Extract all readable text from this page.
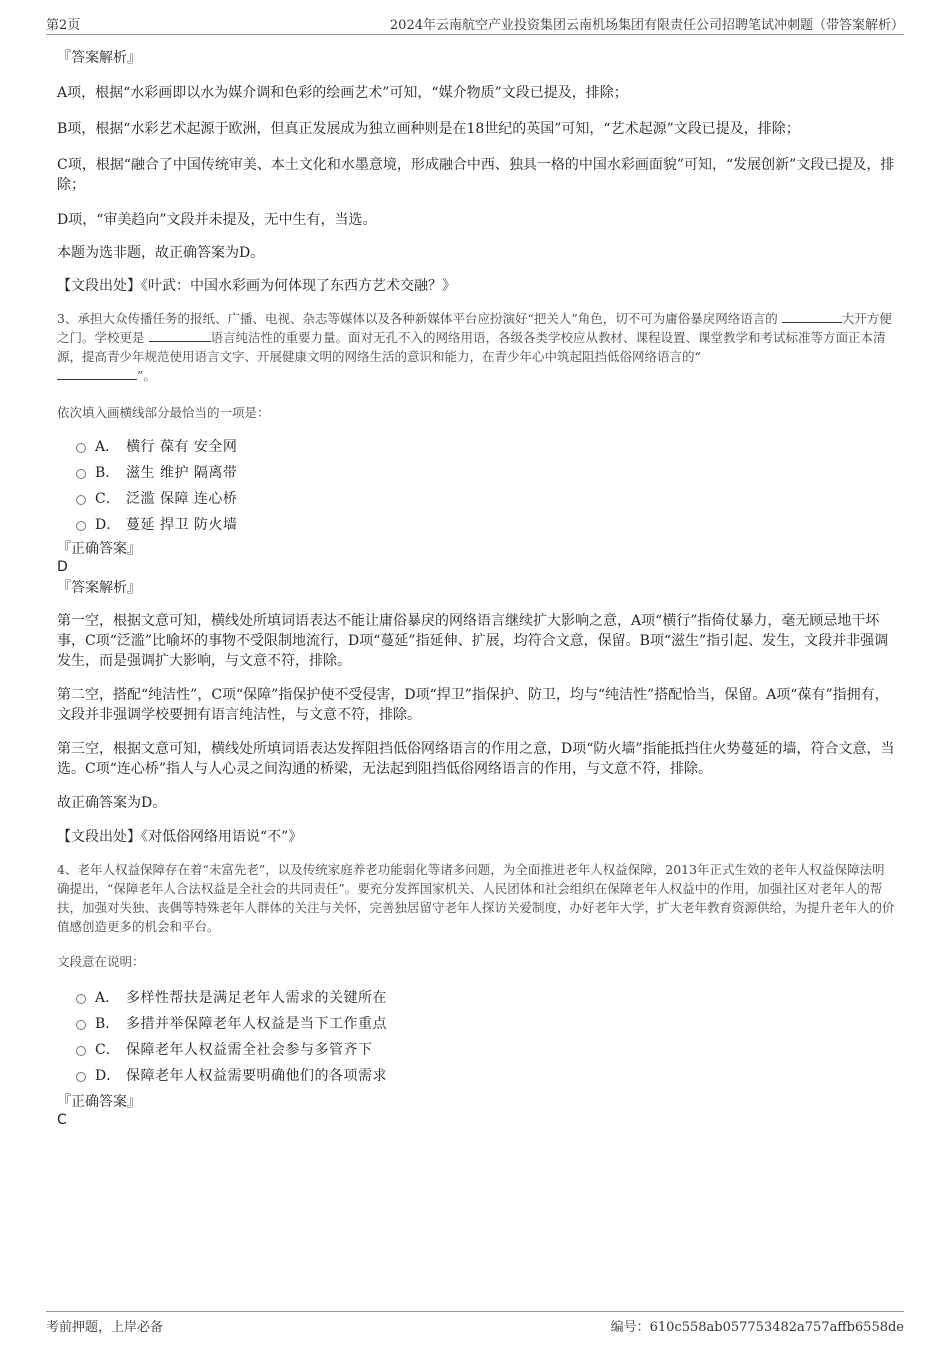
第2页	2024年云南航空产业投资集团云南机场集团有限责任公司招聘笔试冲刺题（带答案解析）
『答案解析』

A项，根据“水彩画即以水为媒介调和色彩的绘画艺术”可知，“媒介物质”文段已提及，排除；

B项，根据“水彩艺术起源于欧洲，但真正发展成为独立画种则是在18世纪的英国”可知，“艺术起源”文段已提及，排除；

C项，根据“融合了中国传统审美、本土文化和水墨意境，形成融合中西、独具一格的中国水彩画面貌”可知，“发展创新”文段已提及，排除；

D项，“审美趋向”文段并未提及，无中生有，当选。

本题为选非题，故正确答案为D。

【文段出处】《叶武：中国水彩画为何体现了东西方艺术交融？》

3、承担大众传播任务的报纸、广播、电视、杂志等媒体以及各种新媒体平台应扮演好“把关人”角色，切不可为庸俗暴戾网络语言的	大开方便之门。学校更是	语言纯洁性的重要力量。面对无孔不入的网络用语，各级各类学校应从教材、课程设置、课堂教学和考试标准等方面正本清源，提高青少年规范使用语言文字、开展健康文明的网络生活的意识和能力，在青少年心中筑起阻挡低俗网络语言的“
”。

依次填入画横线部分最恰当的一项是：

A． 横行 葆有 安全网
B． 滋生 维护 隔离带
C． 泛滥 保障 连心桥
D． 蔓延 捍卫 防火墙

『正确答案』

D

『答案解析』

第一空，根据文意可知，横线处所填词语表达不能让庸俗暴戾的网络语言继续扩大影响之意，A项“横行”指倚仗暴力，毫无顾忌地干坏事，C项“泛滥”比喻坏的事物不受限制地流行，D项“蔓延”指延伸、扩展，均符合文意，保留。B项“滋生”指引起、发生，文段并非强调发生，而是强调扩大影响，与文意不符，排除。

第二空，搭配“纯洁性”，C项“保障”指保护使不受侵害，D项“捍卫”指保护、防卫，均与“纯洁性”搭配恰当，保留。A项“葆有”指拥有，文段并非强调学校要拥有语言纯洁性，与文意不符，排除。

第三空，根据文意可知，横线处所填词语表达发挥阻挡低俗网络语言的作用之意，D项“防火墙”指能抵挡住火势蔓延的墙，符合文意，当选。C项“连心桥”指人与人心灵之间沟通的桥梁，无法起到阻挡低俗网络语言的作用，与文意不符，排除。

故正确答案为D。

【文段出处】《对低俗网络用语说“不”》

4、老年人权益保障存在着“未富先老”，以及传统家庭养老功能弱化等诸多问题，为全面推进老年人权益保障，2013年正式生效的老年人权益保障法明确提出，“保障老年人合法权益是全社会的共同责任”。要充分发挥国家机关、人民团体和社会组织在保障老年人权益中的作用，加强社区对老年人的帮扶，加强对失独、丧偶等特殊老年人群体的关注与关怀，完善独居留守老年人探访关爱制度，办好老年大学，扩大老年教育资源供给，为提升老年人的价值感创造更多的机会和平台。

文段意在说明：

A． 多样性帮扶是满足老年人需求的关键所在
B． 多措并举保障老年人权益是当下工作重点
C． 保障老年人权益需全社会参与多管齐下
D． 保障老年人权益需要明确他们的各项需求

『正确答案』

C

考前押题，上岸必备	编号：610c558ab057753482a757affb6558de
